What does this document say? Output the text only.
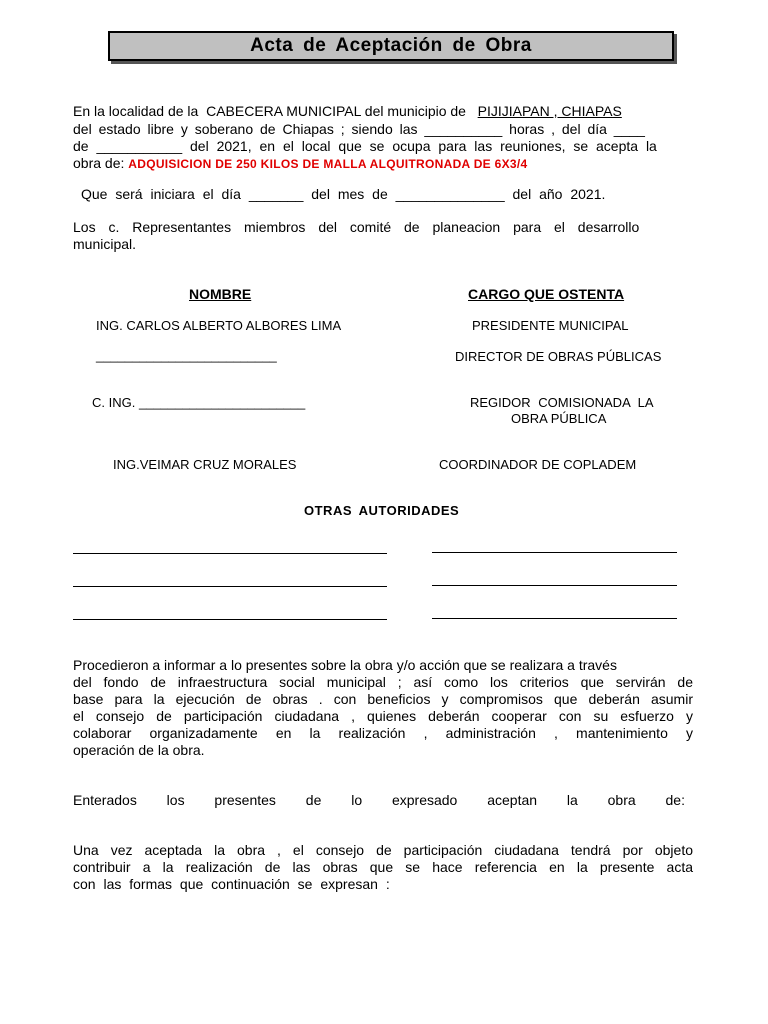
Acta de Aceptación de Obra
En la localidad de la CABECERA MUNICIPAL del municipio de PIJIJIAPAN , CHIAPAS
del estado libre y soberano de Chiapas ; siendo las __________ horas , del día ____
de ___________ del 2021, en el local que se ocupa para las reuniones, se acepta la
obra de: ADQUISICION DE 250 KILOS DE MALLA ALQUITRONADA DE 6X3/4
Que será iniciara el día _______ del mes de ______________ del año 2021.
Los c. Representantes miembros del comité de planeacion para el desarrollo
municipal.
NOMBRE	CARGO QUE OSTENTA
ING. CARLOS ALBERTO ALBORES LIMA	PRESIDENTE MUNICIPAL
_________________________	DIRECTOR DE OBRAS PÚBLICAS
C. ING. _______________________	REGIDOR COMISIONADA LA
OBRA PÚBLICA
ING.VEIMAR CRUZ MORALES	COORDINADOR DE COPLADEM
OTRAS AUTORIDADES
Procedieron a informar a lo presentes sobre la obra y/o acción que se realizara a través
del fondo de infraestructura social municipal ; así como los criterios que servirán de
base para la ejecución de obras . con beneficios y compromisos que deberán asumir
el consejo de participación ciudadana , quienes deberán cooperar con su esfuerzo y
colaborar organizadamente en la realización , administración , mantenimiento y
operación de la obra.
Enterados los presentes de lo expresado aceptan la obra de:
Una vez aceptada la obra , el consejo de participación ciudadana tendrá por objeto
contribuir a la realización de las obras que se hace referencia en la presente acta
con las formas que continuación se expresan :
